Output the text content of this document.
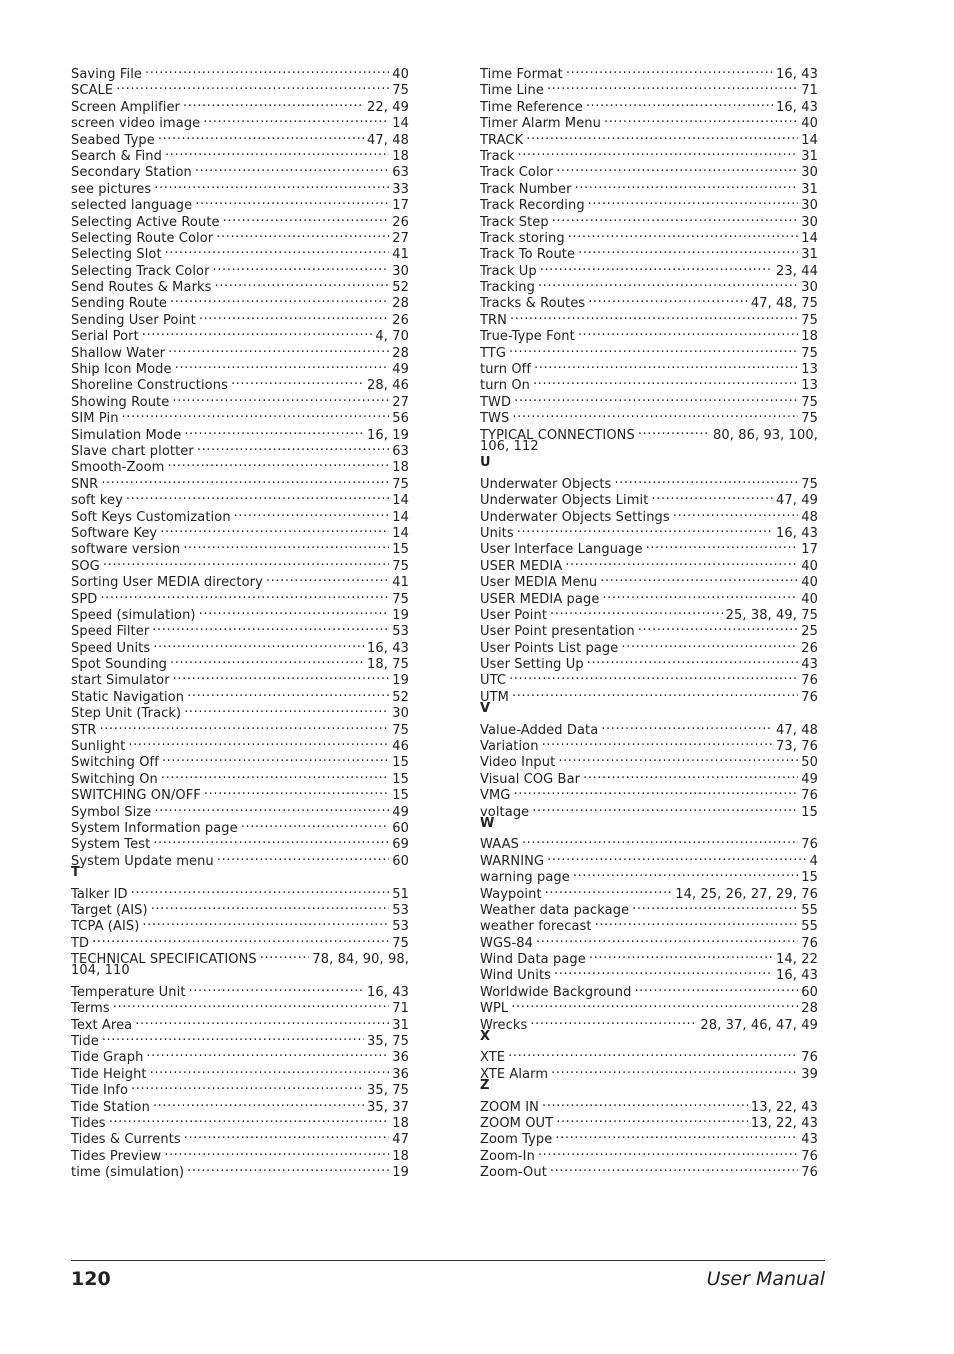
Saving File .....	40
SCALE .....	75
Screen Amplifier .....	22, 49
screen video image .....	14
Seabed Type .....	47, 48
Search & Find .....	18
Secondary Station .....	63
see pictures .....	33
selected language .....	17
Selecting Active Route .....	26
Selecting Route Color .....	27
Selecting Slot .....	41
Selecting Track Color .....	30
Send Routes & Marks .....	52
Sending Route .....	28
Sending User Point .....	26
Serial Port .....	4, 70
Shallow Water .....	28
Ship Icon Mode .....	49
Shoreline Constructions .....	28, 46
Showing Route .....	27
SIM Pin .....	56
Simulation Mode .....	16, 19
Slave chart plotter .....	63
Smooth-Zoom .....	18
SNR .....	75
soft key .....	14
Soft Keys Customization .....	14
Software Key .....	14
software version .....	15
SOG .....	75
Sorting User MEDIA directory .....	41
SPD .....	75
Speed (simulation) .....	19
Speed Filter .....	53
Speed Units .....	16, 43
Spot Sounding .....	18, 75
start Simulator .....	19
Static Navigation .....	52
Step Unit (Track) .....	30
STR .....	75
Sunlight .....	46
Switching Off .....	15
Switching On .....	15
SWITCHING ON/OFF .....	15
Symbol Size .....	49
System Information page .....	60
System Test .....	69
System Update menu .....	60
T
Talker ID .....	51
Target (AIS) .....	53
TCPA (AIS) .....	53
TD .....	75
TECHNICAL SPECIFICATIONS .....	78, 84, 90, 98,
104, 110
Temperature Unit .....	16, 43
Terms .....	71
Text Area .....	31
Tide .....	35, 75
Tide Graph .....	36
Tide Height .....	36
Tide Info .....	35, 75
Tide Station .....	35, 37
Tides .....	18
Tides & Currents .....	47
Tides Preview .....	18
time (simulation) .....	19
Time Format .....	16, 43
Time Line .....	71
Time Reference .....	16, 43
Timer Alarm Menu .....	40
TRACK .....	14
Track .....	31
Track Color .....	30
Track Number .....	31
Track Recording .....	30
Track Step .....	30
Track storing .....	14
Track To Route .....	31
Track Up .....	23, 44
Tracking .....	30
Tracks & Routes .....	47, 48, 75
TRN .....	75
True-Type Font .....	18
TTG .....	75
turn Off .....	13
turn On .....	13
TWD .....	75
TWS .....	75
TYPICAL CONNECTIONS .....	80, 86, 93, 100,
106, 112
U
Underwater Objects .....	75
Underwater Objects Limit .....	47, 49
Underwater Objects Settings .....	48
Units .....	16, 43
User Interface Language .....	17
USER MEDIA .....	40
User MEDIA Menu .....	40
USER MEDIA page .....	40
User Point .....	25, 38, 49, 75
User Point presentation .....	25
User Points List page .....	26
User Setting Up .....	43
UTC .....	76
UTM .....	76
V
Value-Added Data .....	47, 48
Variation .....	73, 76
Video Input .....	50
Visual COG Bar .....	49
VMG .....	76
voltage .....	15
W
WAAS .....	76
WARNING .....	4
warning page .....	15
Waypoint .....	14, 25, 26, 27, 29, 76
Weather data package .....	55
weather forecast .....	55
WGS-84 .....	76
Wind Data page .....	14, 22
Wind Units .....	16, 43
Worldwide Background .....	60
WPL .....	28
Wrecks .....	28, 37, 46, 47, 49
X
XTE .....	76
XTE Alarm .....	39
Z
ZOOM IN .....	13, 22, 43
ZOOM OUT .....	13, 22, 43
Zoom Type .....	43
Zoom-In .....	76
Zoom-Out .....	76
120	User Manual
